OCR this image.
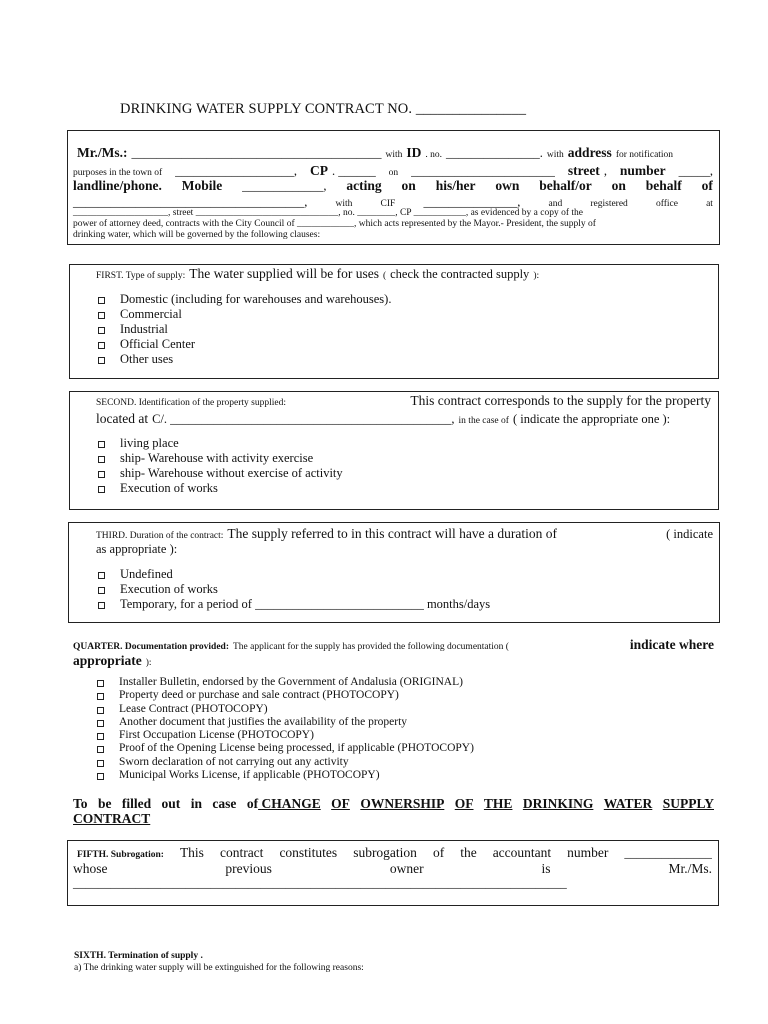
DRINKING WATER SUPPLY CONTRACT NO. _______________
Mr./Ms.: ________________________________________ with ID . no. _______________. with address for notification
purposes in the town of ___________________, CP . ______ on _______________________ street , number _____,
landline/phone. Mobile _____________, acting on his/her own behalf/or on behalf of
_____________________________________,	with	CIF _______________,	and	registered	office	at
____________________, street ______________________________, no. ________, CP ___________, as evidenced by a copy of the
power of attorney deed, contracts with the City Council of ____________, which acts represented by the Mayor.- President, the supply of
drinking water, which will be governed by the following clauses:
FIRST. Type of supply: The water supplied will be for uses ( check the contracted supply ):
Domestic (including for warehouses and warehouses).
Commercial
Industrial
Official Center
Other uses
SECOND. Identification of the property supplied:	This contract corresponds to the supply for the property
located at C/. _____________________________________________, in the case of ( indicate the appropriate one ):
living place
ship- Warehouse with activity exercise
ship- Warehouse without exercise of activity
Execution of works
THIRD. Duration of the contract: The supply referred to in this contract will have a duration of	( indicate
as appropriate ):
Undefined
Execution of works
Temporary, for a period of ___________________________ months/days
QUARTER. Documentation provided: The applicant for the supply has provided the following documentation (	indicate where
appropriate ):
Installer Bulletin, endorsed by the Government of Andalusia (ORIGINAL)
Property deed or purchase and sale contract (PHOTOCOPY)
Lease Contract (PHOTOCOPY)
Another document that justifies the availability of the property
First Occupation License (PHOTOCOPY)
Proof of the Opening License being processed, if applicable (PHOTOCOPY)
Sworn declaration of not carrying out any activity
Municipal Works License, if applicable (PHOTOCOPY)
To be filled out in case of CHANGE OF OWNERSHIP OF THE DRINKING WATER SUPPLY
CONTRACT
FIFTH. Subrogation: This contract constitutes subrogation of the accountant number ______________
whose	previous	owner	is	Mr./Ms.
_______________________________________________________________________________
SIXTH. Termination of supply .
a) The drinking water supply will be extinguished for the following reasons:
